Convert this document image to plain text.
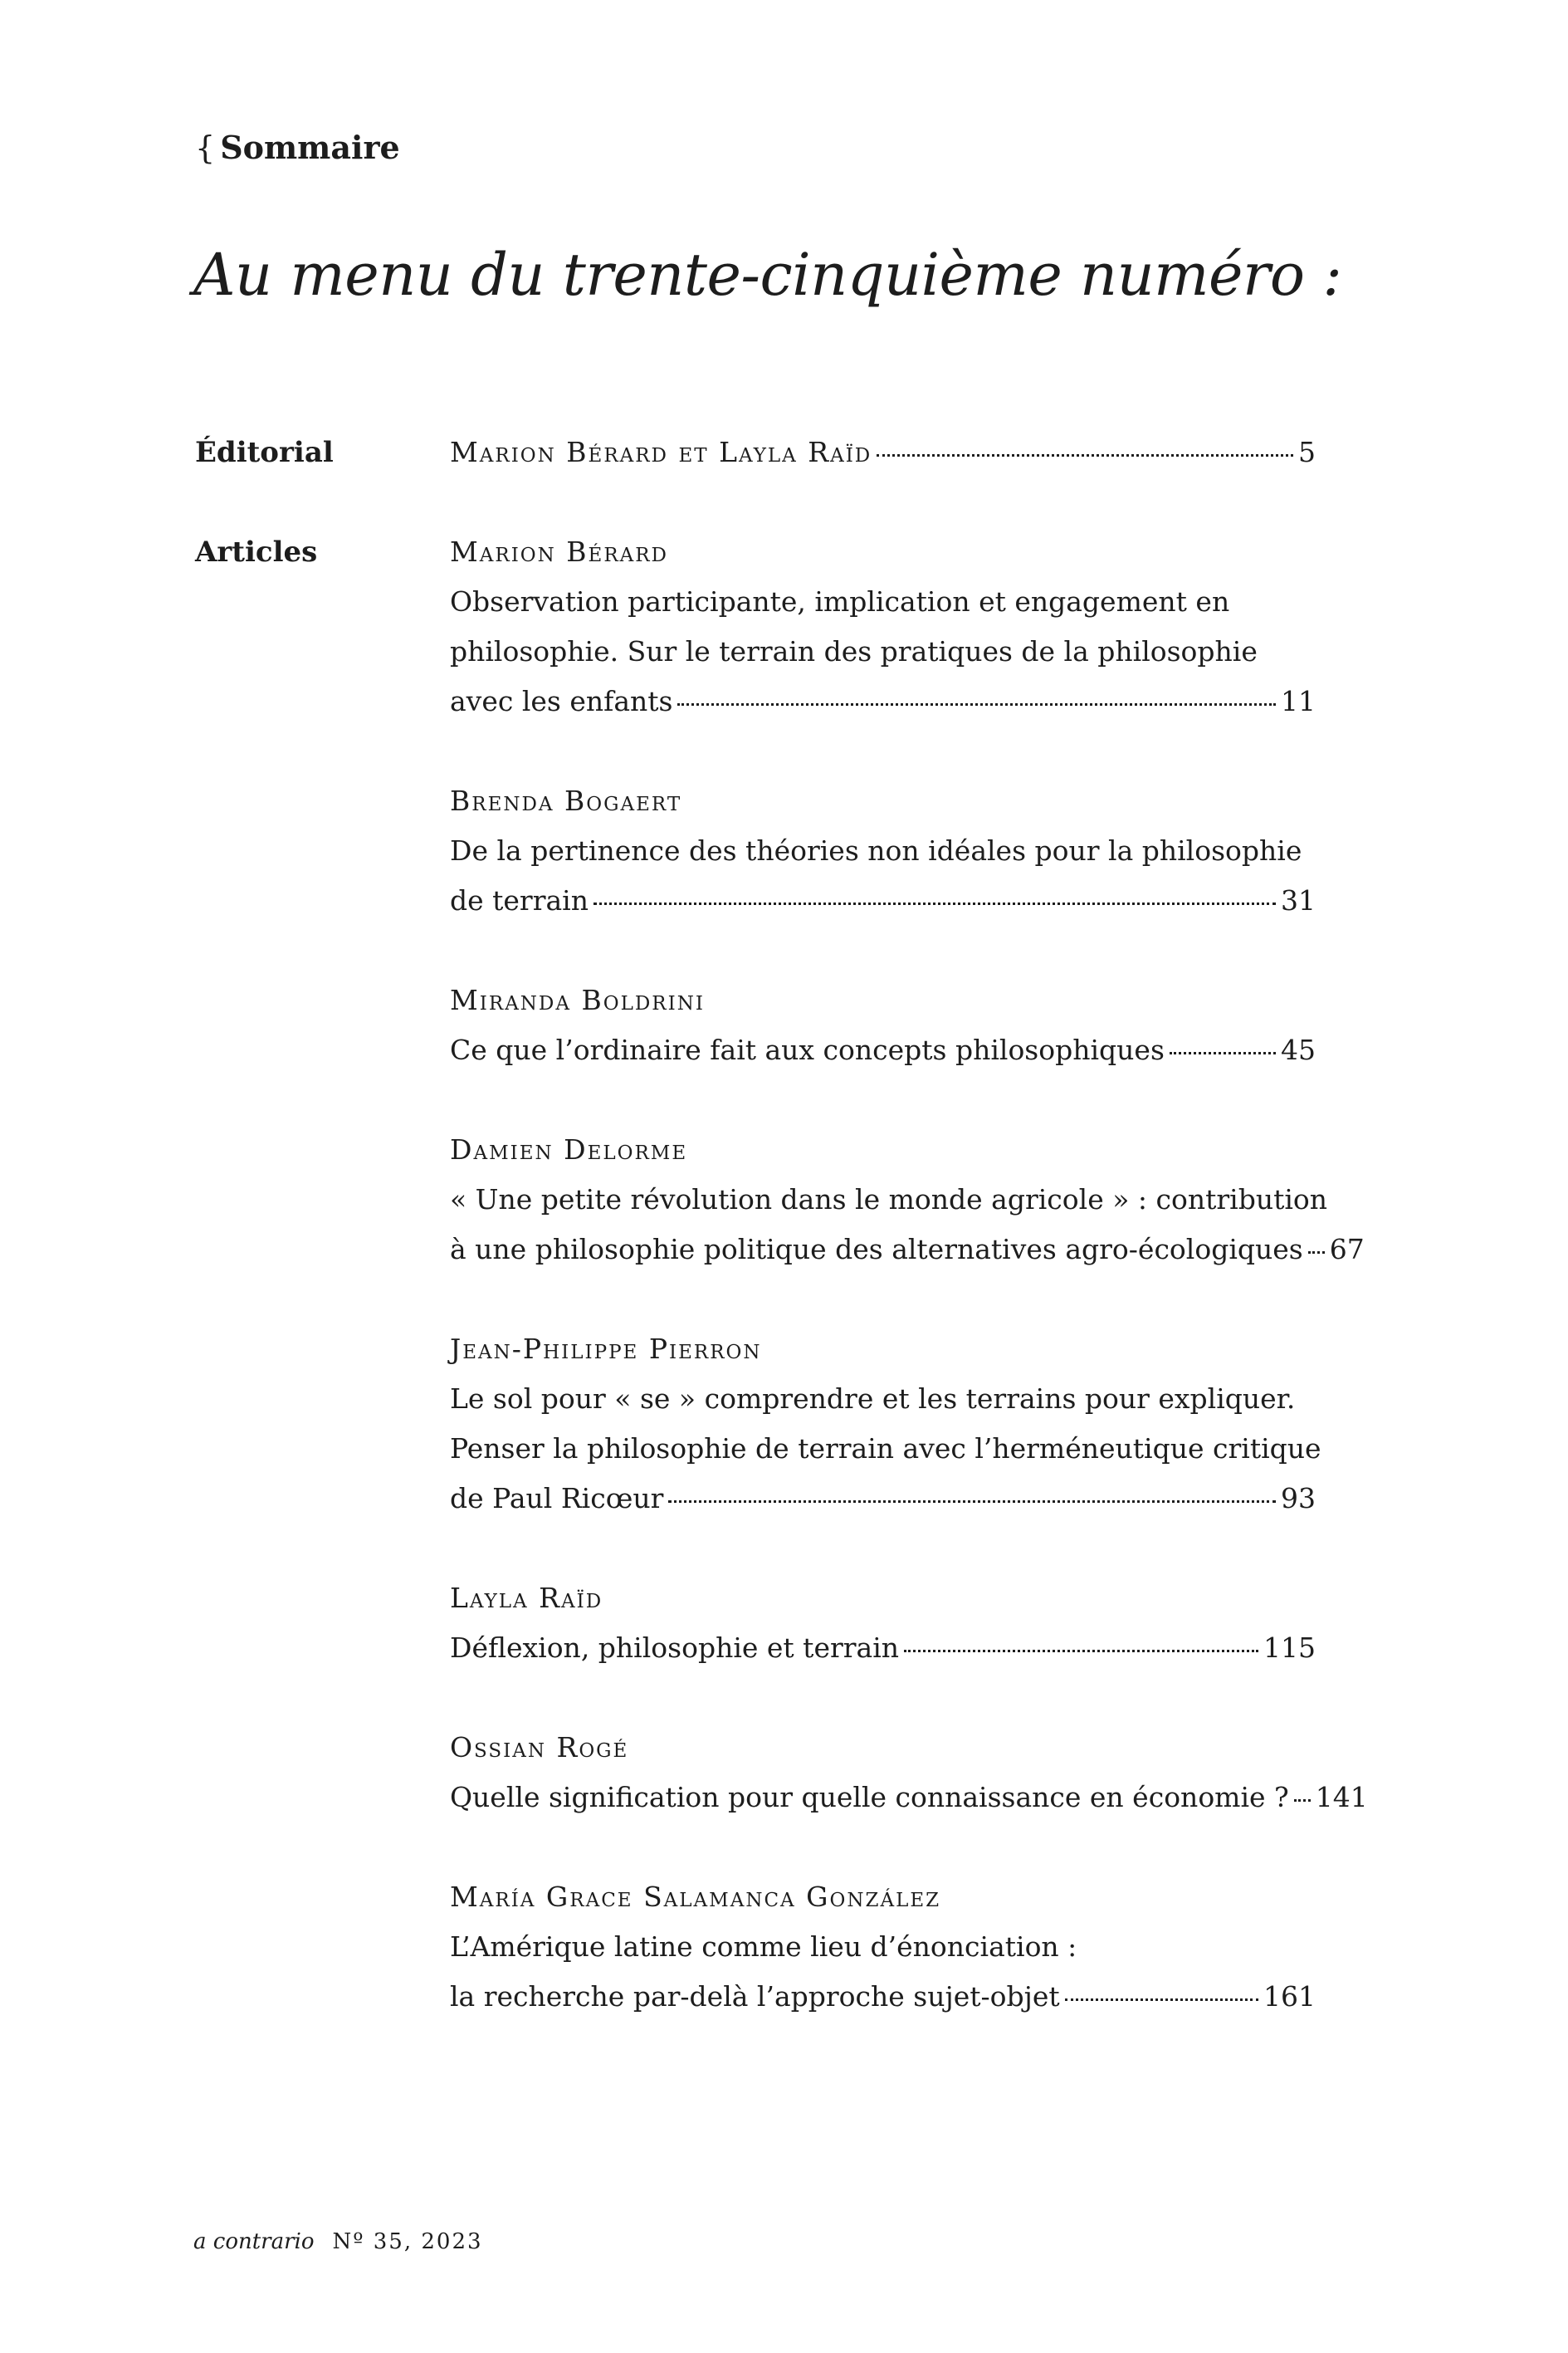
{ Sommaire
Au menu du trente-cinquième numéro :
Éditorial	Marion Bérard et Layla Raïd	5
Articles	Marion Bérard
Observation participante, implication et engagement en
philosophie. Sur le terrain des pratiques de la philosophie
avec les enfants	11
Brenda Bogaert
De la pertinence des théories non idéales pour la philosophie
de terrain	31
Miranda Boldrini
Ce que l’ordinaire fait aux concepts philosophiques	45
Damien Delorme
« Une petite révolution dans le monde agricole » : contribution
à une philosophie politique des alternatives agro-écologiques 67
Jean-Philippe Pierron
Le sol pour « se » comprendre et les terrains pour expliquer.
Penser la philosophie de terrain avec l’herméneutique critique
de Paul Ricœur	93
Layla Raïd
Déflexion, philosophie et terrain	115
Ossian Rogé
Quelle signification pour quelle connaissance en économie ? 141
María Grace Salamanca González
L’Amérique latine comme lieu d’énonciation :
la recherche par-delà l’approche sujet-objet	161
a contrario Nº 35, 2023
